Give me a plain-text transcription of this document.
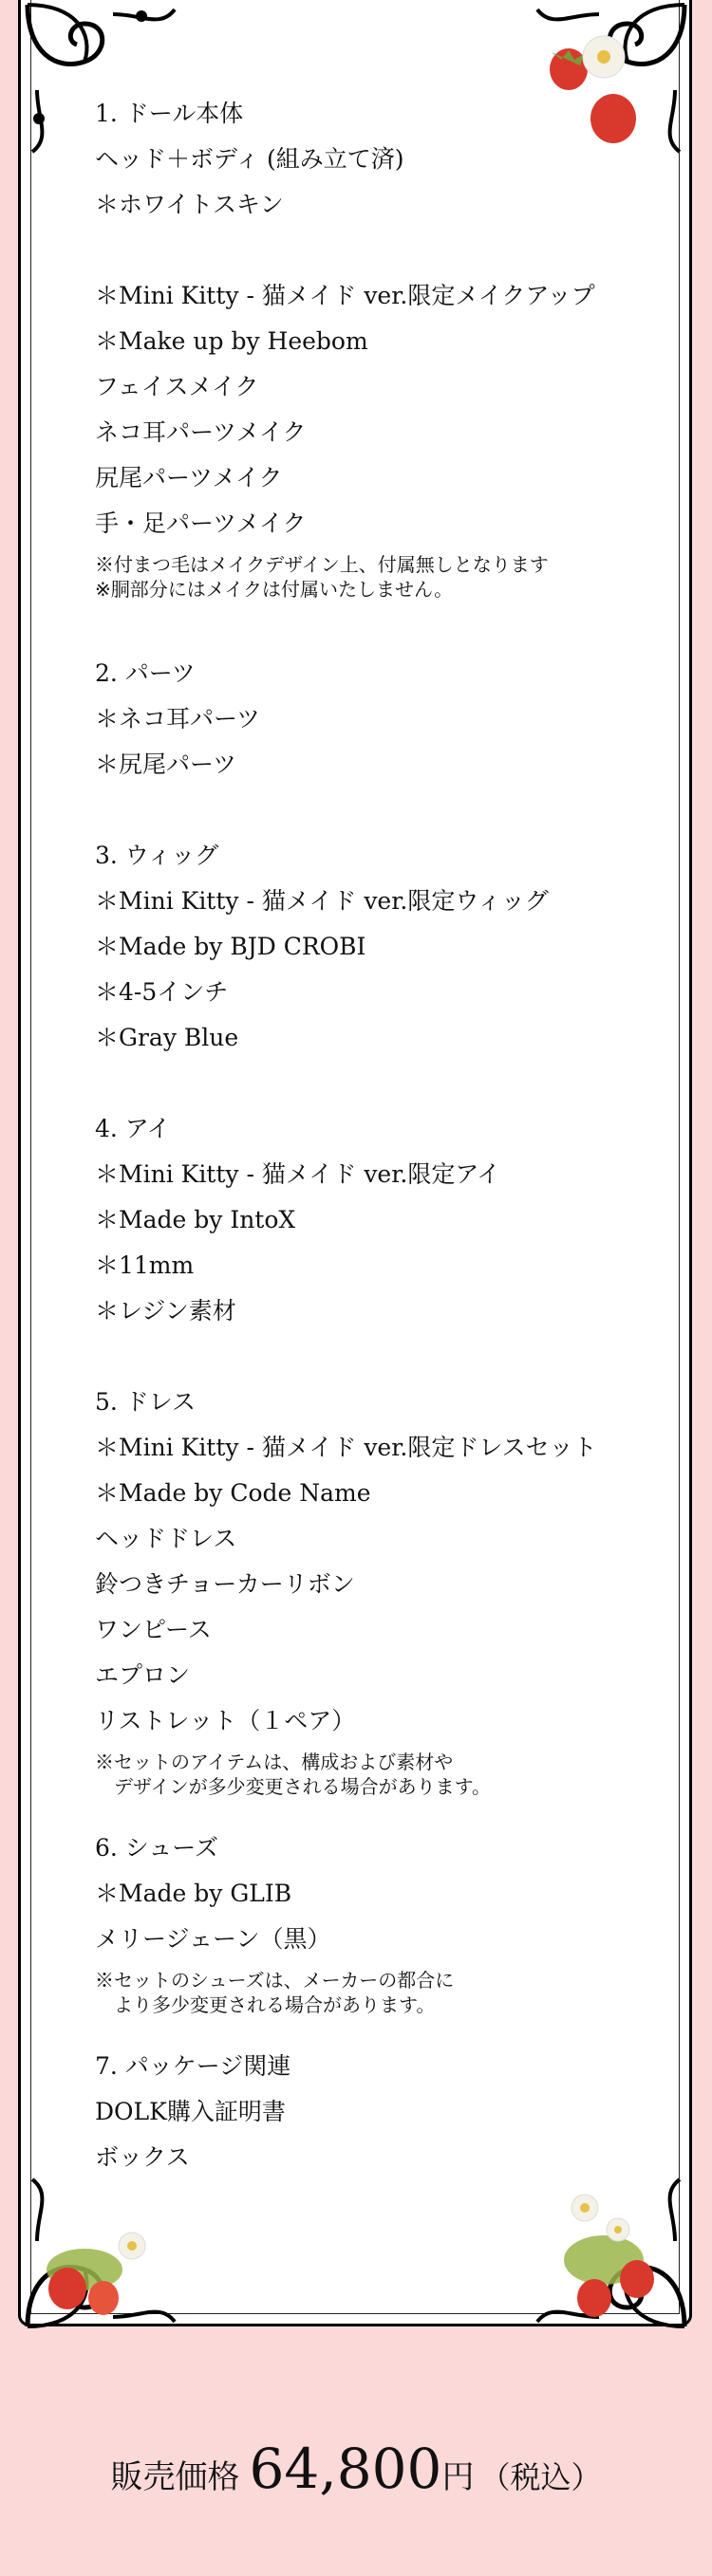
1. ドール本体
ヘッド＋ボディ (組み立て済)
＊ホワイトスキン
＊Mini Kitty - 猫メイド ver.限定メイクアップ
＊Make up by Heebom
フェイスメイク
ネコ耳パーツメイク
尻尾パーツメイク
手・足パーツメイク
※付まつ毛はメイクデザイン上、付属無しとなります
※胴部分にはメイクは付属いたしません。
2. パーツ
＊ネコ耳パーツ
＊尻尾パーツ
3. ウィッグ
＊Mini Kitty - 猫メイド ver.限定ウィッグ
＊Made by BJD CROBI
＊4-5インチ
＊Gray Blue
4. アイ
＊Mini Kitty - 猫メイド ver.限定アイ
＊Made by IntoX
＊11mm
＊レジン素材
5. ドレス
＊Mini Kitty - 猫メイド ver.限定ドレスセット
＊Made by Code Name
ヘッドドレス
鈴つきチョーカーリボン
ワンピース
エプロン
リストレット（１ペア）
※セットのアイテムは、構成および素材や
　デザインが多少変更される場合があります。
6. シューズ
＊Made by GLIB
メリージェーン（黒）
※セットのシューズは、メーカーの都合に
　より多少変更される場合があります。
7. パッケージ関連
DOLK購入証明書
ボックス
販売価格 64,800円 （税込）
